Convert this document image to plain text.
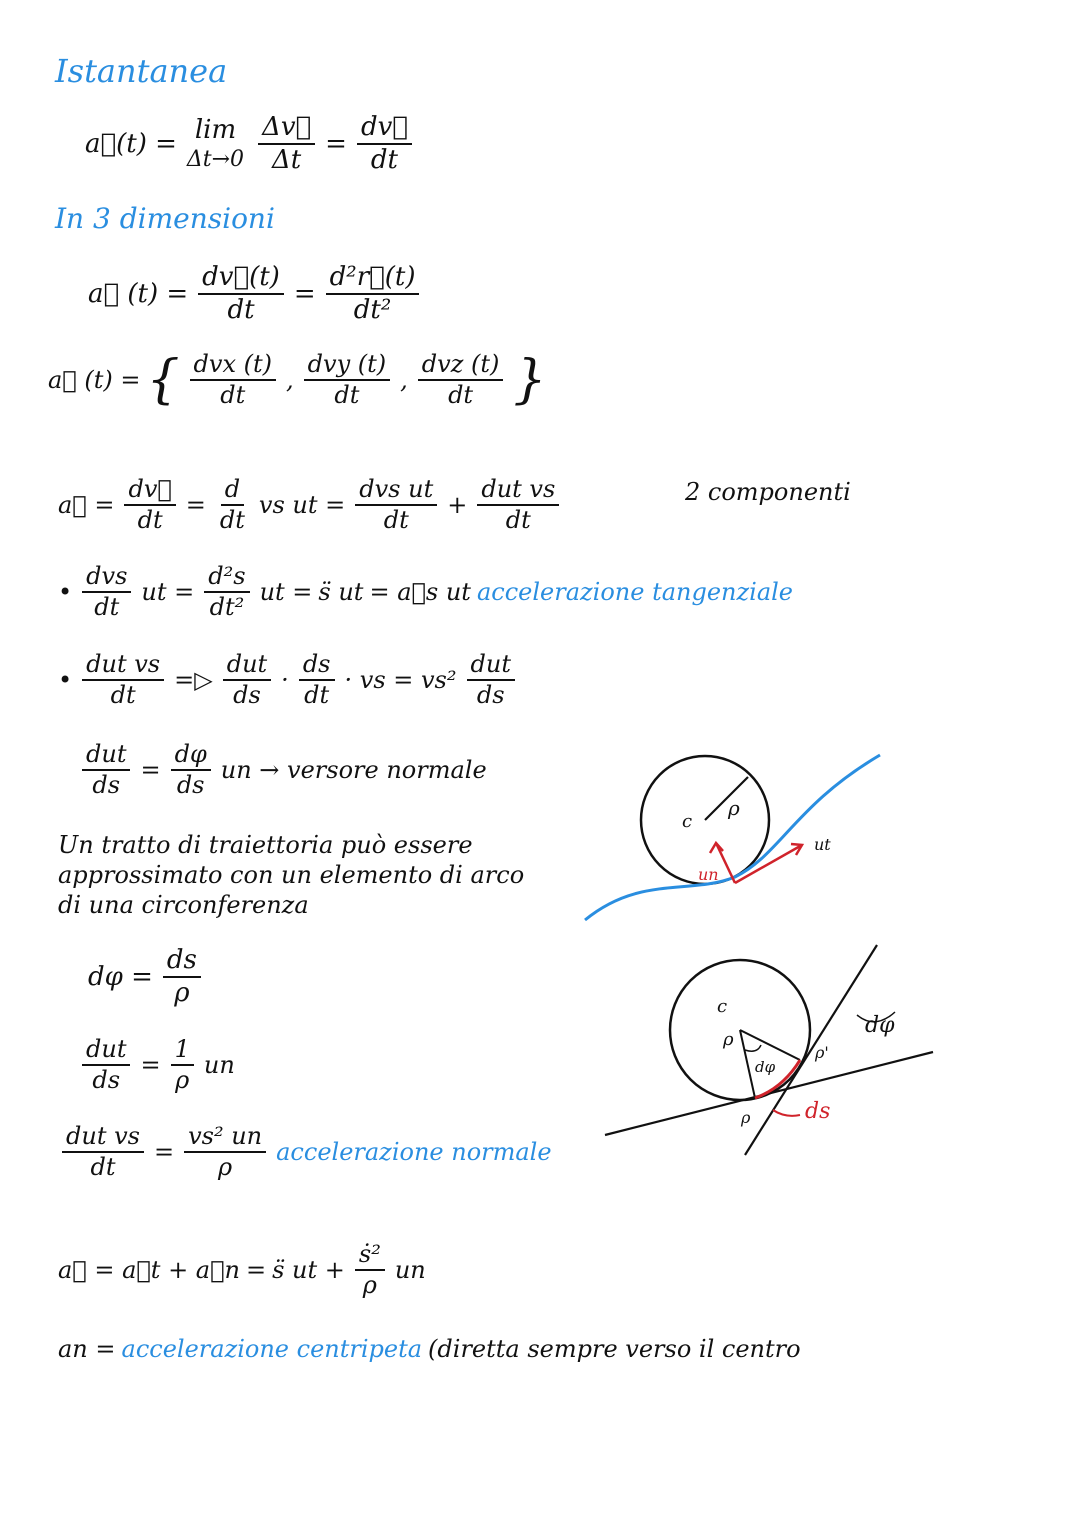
Istantanea
a⃗(t) = lim
$\Delta t\to 0 \frac{\Delta v⃗}{\Delta t} = \frac{dv⃗}{dt}$
In 3 dimensioni
a⃗ $(t) = \frac{dv⃗(t)}{dt} = \frac{\text{d²r⃗(t)}}{\text{dt²}}$
a⃗ (t) = { $\frac{\text{dvx (t)}}{dt}$ , $\frac{\text{dvy (t)}}{dt}$ , $\frac{\text{dvz (t)}}{dt}$ }
a⃗ = $\frac{dv⃗}{dt} = \frac{d}{dt}$ vs ut = $\frac{\text{dvs ut}}{dt} + \frac{\text{dut vs}}{dt}$	2 componenti
• $\frac{\text{dvs}}{dt}$ ut = $\frac{\text{d²s}}{\text{dt²}}$ ut = s̈ ut = a⃗s ut accelerazione tangenziale
• $\frac{\text{dut vs}}{dt}$ =▷ $\frac{\text{dut}}{ds} \cdot \frac{ds}{dt}$ · vs = $vs^2 \frac{\text{dut}}{ds}$
$\frac{\text{dut}}{ds} = \frac{d\varphi}{ds}$ un → versore normale
Un tratto di traiettoria può essere
approssimato con un elemento di arco
di una circonferenza
$d\varphi = \frac{ds}{\rho}$
$\frac{\text{dut}}{ds} = \frac{1}{\rho}$ un
$\frac{\text{dut vs}}{dt} = \frac{\text{vs² un}}{\rho}$ accelerazione normale
a⃗ = a⃗t + a⃗n = s̈ ut + $\frac{\text{ṡ²}}{\rho}$ un
an = accelerazione centripeta (diretta sempre verso il centro
c
ρ
un
ut
c
ρ
dφ
ρ
ρ'
dφ
ds
